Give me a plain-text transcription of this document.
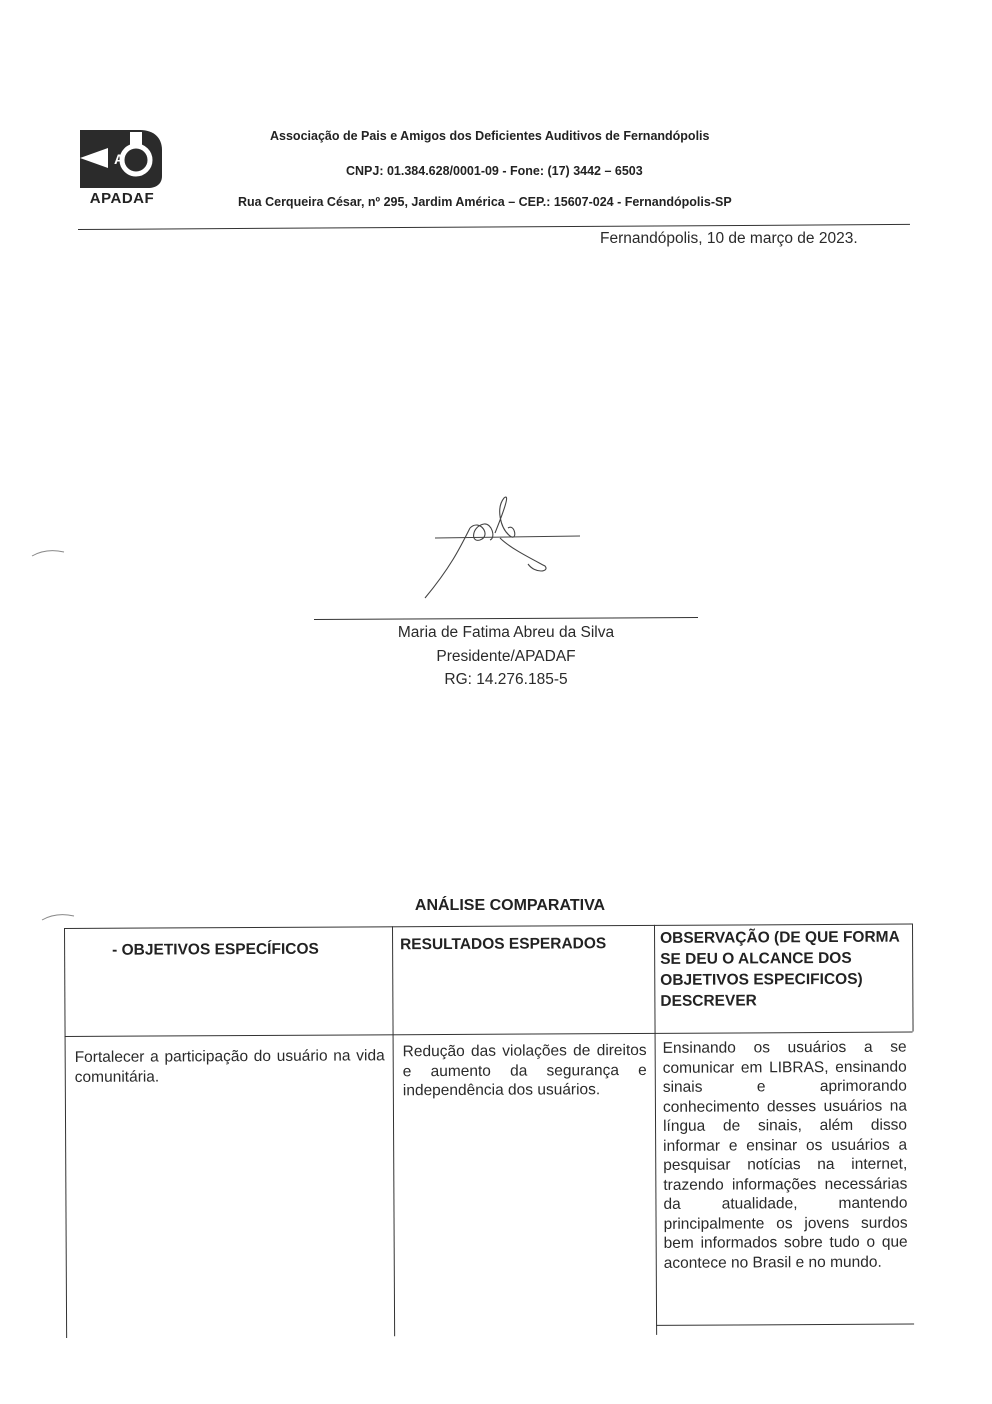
A
APADAF
Associação de Pais e Amigos dos Deficientes Auditivos de Fernandópolis
CNPJ: 01.384.628/0001-09 - Fone: (17) 3442 – 6503
Rua Cerqueira César, nº 295, Jardim América – CEP.: 15607-024 - Fernandópolis-SP
Fernandópolis, 10 de março de 2023.
Maria de Fatima Abreu da Silva
Presidente/APADAF
RG: 14.276.185-5
ANÁLISE COMPARATIVA
- OBJETIVOS ESPECÍFICOS	RESULTADOS ESPERADOS	OBSERVAÇÃO (DE QUE FORMA SE DEU O ALCANCE DOS OBJETIVOS ESPECIFICOS) DESCREVER
Fortalecer a participação do usuário na vida comunitária.
Redução das violações de direitos e aumento da segurança e independência dos usuários.
Ensinando os usuários a se comunicar em LIBRAS, ensinando sinais e aprimorando conhecimento desses usuários na língua de sinais, além disso informar e ensinar os usuários a pesquisar notícias na internet, trazendo informações necessárias da atualidade, mantendo principalmente os jovens surdos bem informados sobre tudo o que acontece no Brasil e no mundo.
